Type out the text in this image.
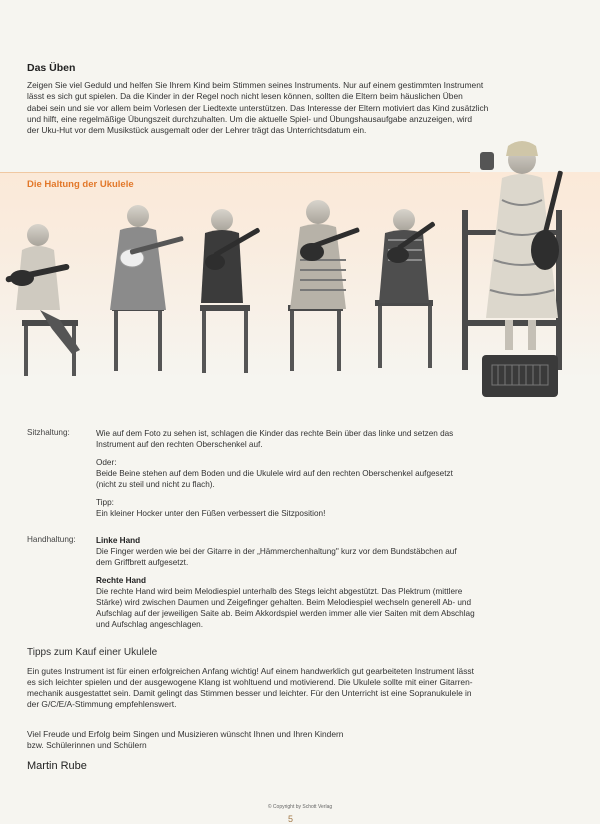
Das Üben
Zeigen Sie viel Geduld und helfen Sie Ihrem Kind beim Stimmen seines Instruments. Nur auf einem gestimmten Instrument
lässt es sich gut spielen. Da die Kinder in der Regel noch nicht lesen können, sollten die Eltern beim häuslichen Üben
dabei sein und sie vor allem beim Vorlesen der Liedtexte unterstützen. Das Interesse der Eltern motiviert das Kind zusätzlich
und hilft, eine regelmäßige Übungszeit durchzuhalten. Um die aktuelle Spiel- und Übungshausaufgabe anzuzeigen, wird
der Uku-Hut vor dem Musikstück ausgemalt oder der Lehrer trägt das Unterrichtsdatum ein.
Die Haltung der Ukulele
Sitzhaltung:	Wie auf dem Foto zu sehen ist, schlagen die Kinder das rechte Bein über das linke und setzen das
Instrument auf den rechten Oberschenkel auf.
Oder:
Beide Beine stehen auf dem Boden und die Ukulele wird auf den rechten Oberschenkel aufgesetzt
(nicht zu steil und nicht zu flach).
Tipp:
Ein kleiner Hocker unter den Füßen verbessert die Sitzposition!
Handhaltung: Linke Hand
Die Finger werden wie bei der Gitarre in der „Hämmerchenhaltung" kurz vor dem Bundstäbchen auf
dem Griffbrett aufgesetzt.
Rechte Hand
Die rechte Hand wird beim Melodiespiel unterhalb des Stegs leicht abgestützt. Das Plektrum (mittlere
Stärke) wird zwischen Daumen und Zeigefinger gehalten. Beim Melodiespiel wechseln generell Ab- und
Aufschlag auf der jeweiligen Saite ab. Beim Akkordspiel werden immer alle vier Saiten mit dem Abschlag
und Aufschlag angeschlagen.
Tipps zum Kauf einer Ukulele
Ein gutes Instrument ist für einen erfolgreichen Anfang wichtig! Auf einem handwerklich gut gearbeiteten Instrument lässt
es sich leichter spielen und der ausgewogene Klang ist wohltuend und motivierend. Die Ukulele sollte mit einer Gitarren-
mechanik ausgestattet sein. Damit gelingt das Stimmen besser und leichter. Für den Unterricht ist eine Sopranukulele in
der G/C/E/A-Stimmung empfehlenswert.
Viel Freude und Erfolg beim Singen und Musizieren wünscht Ihnen und Ihren Kindern
bzw. Schülerinnen und Schülern
Martin Rube
© Copyright by Schott Verlag
5
